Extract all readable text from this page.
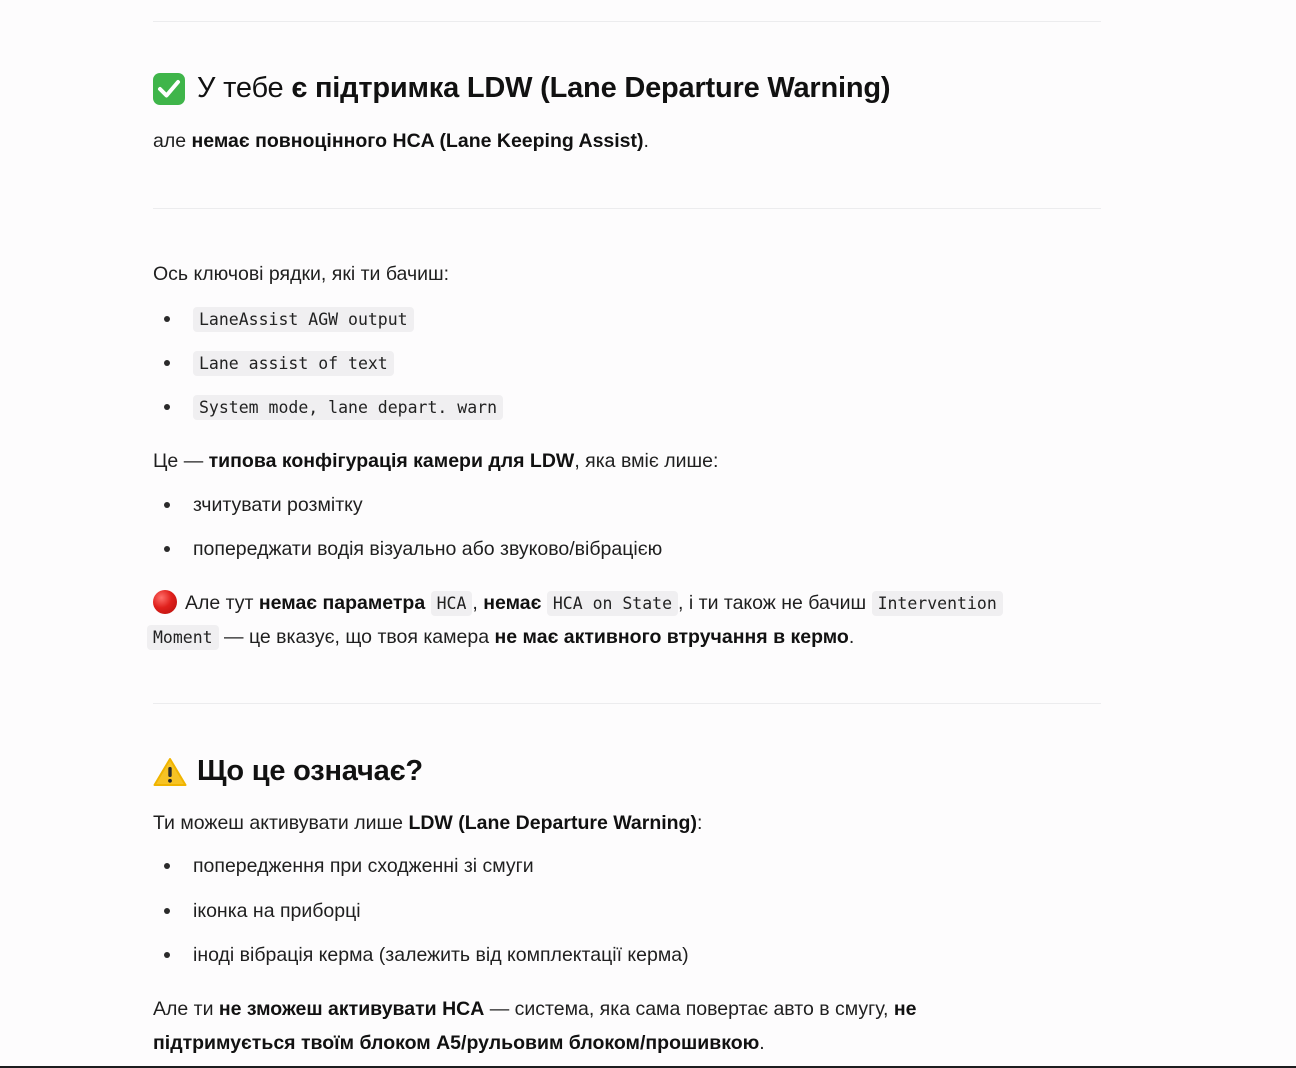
У тебе
є підтримка LDW (Lane Departure Warning)
але немає повноцінного HCA (Lane Keeping Assist).
Ось ключові рядки, які ти бачиш:
LaneAssist AGW output
Lane assist of text
System mode, lane depart. warn
Це — типова конфігурація камери для LDW, яка вміє лише:
зчитувати розмітку
попереджати водія візуально або звуково/вібрацією
Але тут немає параметра HCA , немає HCA on State , і ти також не бачиш Intervention
Moment — це вказує, що твоя камера не має активного втручання в кермо.
Що це означає?
Ти можеш активувати лише LDW (Lane Departure Warning):
попередження при сходженні зі смуги
іконка на приборці
іноді вібрація керма (залежить від комплектації керма)
Але ти не зможеш активувати HCA — система, яка сама повертає авто в смугу, не
підтримується твоїм блоком A5/рульовим блоком/прошивкою.
